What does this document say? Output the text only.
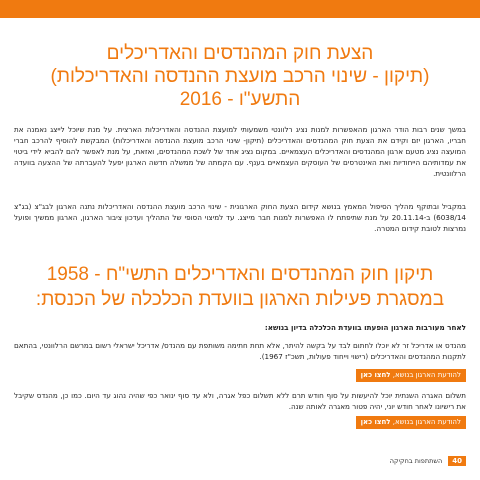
הצעת חוק המהנדסים והאדריכלים
(תיקון - שינוי הרכב מועצת ההנדסה והאדריכלות)
התשע"ו - 2016

במשך שנים רבות הודר הארגון מהאפשרות למנות נציג רלוונטי משמעותי למועצת ההנדסה והאדריכלות הארצית. על מנת שיוכל לייצג נאמנה את חבריו, הארגון יזם וקידם את הצעת חוק המהנדסים והאדריכלים (תיקון- שינוי הרכב מועצת ההנדסה והאדריכלות) המבקשת להוסיף להרכב חברי המועצה נציג מטעם ארגון המהנדסים והאדריכלים העצמאיים. במקום נציג אחד של לשכת המהנדסים, ואזאת, על מנת לאפשר להם להביא לידי ביטוי את עמדותיהם הייחודיות ואת האינטרסים של העוסקים העצמאיים בענף. עם הקמתה של ממשלה חדשה הארגון יפעל להעברתה של ההצעה בוועדה הרלוונטית.

במקביל ובתוקף מהליך הסיפול המאמץ בנושא קידום הצעת החוק הארגונית - שינוי הרכב מועצת ההנדסה והאדריכלות נתנה הארגון לבג"צ (בג"צ 6038/14) ב-20.11.14 על מנת שתיפתח לו האפשרות למנות חבר מייצג. עד למיצוי הסופי של התהליך ועדכון ציבור הארגון, הארגון ממשיך ופועל נמרצות לטובת קידום המטרה.

תיקון חוק המהנדסים והאדריכלים התשי"ח - 1958
במסגרת פעילות הארגון בוועדת הכלכלה של הכנסת:

לאחר מעורבות הארגון הופעתו בוועדת הכלכלה בדיון בנושא:

מהנדס או אדריכל זר לא יוכלו לחתום לבד על בקשה להיתר, אלא תחת חתימה משותפת עם מהנדס/ אדריכל ישראלי רשום במרשם הרלוונטי, בהתאם לתקנות המהנדסים והאדריכלים (רישוי וייחוד פעולות, תשכ"ז 1967).

להודעת הארגון בנושא, לחצו כאן

תשלום האגרה השנתית יוכל להיעשות על סוף חודש תרם ללא תשלום כפל אגרה, ולא עד סוף ינואר כפי שהיה נהוג עד היום. כמו כן, מהנדס שקיבל את רישיונו לאחר חודש יוני, יהיה פטור מאגרה לאותה שנה.

להודעת הארגון בנושא, לחצו כאן
40
השתתפות בחקיקה
